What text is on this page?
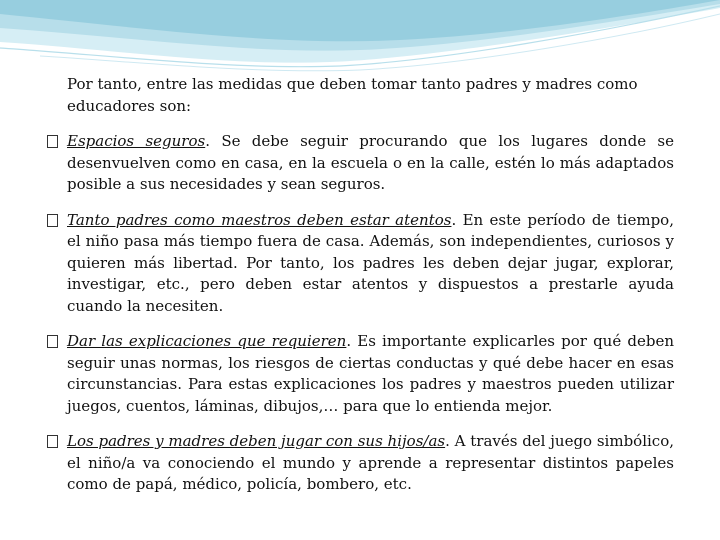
Por tanto, entre las medidas que deben tomar tanto padres y madres como educadores son:

Espacios seguros. Se debe seguir procurando que los lugares donde se desenvuelven como en casa, en la escuela o en la calle, estén lo más adaptados posible a sus necesidades y sean seguros.
Tanto padres como maestros deben estar atentos. En este período de tiempo, el niño pasa más tiempo fuera de casa. Además, son independientes, curiosos y quieren más libertad. Por tanto, los padres les deben dejar jugar, explorar, investigar, etc., pero deben estar atentos y dispuestos a prestarle ayuda cuando la necesiten.
Dar las explicaciones que requieren. Es importante explicarles por qué deben seguir unas normas, los riesgos de ciertas conductas y qué debe hacer en esas circunstancias. Para estas explicaciones los padres y maestros pueden utilizar juegos, cuentos, láminas, dibujos,… para que lo entienda mejor.
Los padres y madres deben jugar con sus hijos/as. A través del juego simbólico, el niño/a va conociendo el mundo y aprende a representar distintos papeles como de papá, médico, policía, bombero, etc.
